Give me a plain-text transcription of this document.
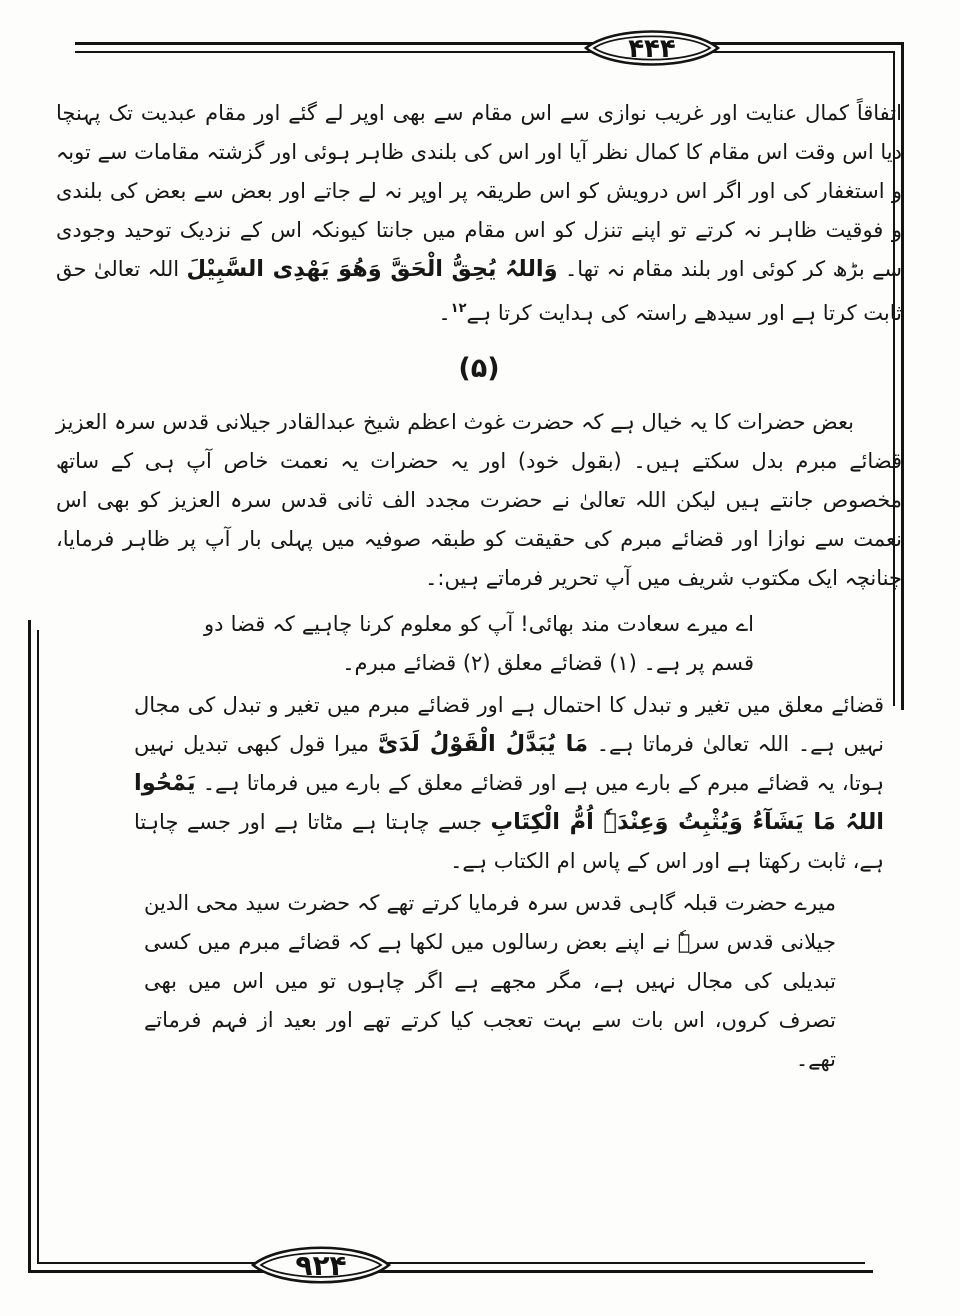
۴۴۴
۹۲۴
اتفاقاً کمال عنایت اور غریب نوازی سے اس مقام سے بھی اوپر لے گئے اور مقام عبدیت تک پہنچا دیا اس وقت اس مقام کا کمال نظر آیا اور اس کی بلندی ظاہر ہوئی اور گزشتہ مقامات سے توبہ و استغفار کی اور اگر اس درویش کو اس طریقہ پر اوپر نہ لے جاتے اور بعض سے بعض کی بلندی و فوقیت ظاہر نہ کرتے تو اپنے تنزل کو اس مقام میں جانتا کیونکہ اس کے نزدیک توحید وجودی سے بڑھ کر کوئی اور بلند مقام نہ تھا۔ وَاللہُ یُحِقُّ الْحَقَّ وَهُوَ یَهْدِی السَّبِیْلَ اللہ تعالیٰ حق ثابت کرتا ہے اور سیدھے راستہ کی ہدایت کرتا ہے$^{۱۲}$۔
(۵)
بعض حضرات کا یہ خیال ہے کہ حضرت غوث اعظم شیخ عبدالقادر جیلانی قدس سرہ العزیز قضائے مبرم بدل سکتے ہیں۔ (بقول خود) اور یہ حضرات یہ نعمت خاص آپ ہی کے ساتھ مخصوص جانتے ہیں لیکن اللہ تعالیٰ نے حضرت مجدد الف ثانی قدس سرہ العزیز کو بھی اس نعمت سے نوازا اور قضائے مبرم کی حقیقت کو طبقہ صوفیہ میں پہلی بار آپ پر ظاہر فرمایا، چنانچہ ایک مکتوب شریف میں آپ تحریر فرماتے ہیں:۔
اے میرے سعادت مند بھائی! آپ کو معلوم کرنا چاہیے کہ قضا دو قسم پر ہے۔ (۱) قضائے معلق (۲) قضائے مبرم۔
قضائے معلق میں تغیر و تبدل کا احتمال ہے اور قضائے مبرم میں تغیر و تبدل کی مجال نہیں ہے۔ اللہ تعالیٰ فرماتا ہے۔ مَا یُبَدَّلُ الْقَوْلُ لَدَیَّ میرا قول کبھی تبدیل نہیں ہوتا، یہ قضائے مبرم کے بارے میں ہے اور قضائے معلق کے بارے میں فرماتا ہے۔ یَمْحُوا اللہُ مَا یَشَآءُ وَیُثْبِتُ وَعِنْدَہٗ اُمُّ الْکِتَابِ جسے چاہتا ہے مٹاتا ہے اور جسے چاہتا ہے، ثابت رکھتا ہے اور اس کے پاس ام الکتاب ہے۔
میرے حضرت قبلہ گاہی قدس سرہ فرمایا کرتے تھے کہ حضرت سید محی الدین جیلانی قدس سرہٗ نے اپنے بعض رسالوں میں لکھا ہے کہ قضائے مبرم میں کسی تبدیلی کی مجال نہیں ہے، مگر مجھے ہے اگر چاہوں تو میں اس میں بھی تصرف کروں، اس بات سے بہت تعجب کیا کرتے تھے اور بعید از فہم فرماتے تھے۔
